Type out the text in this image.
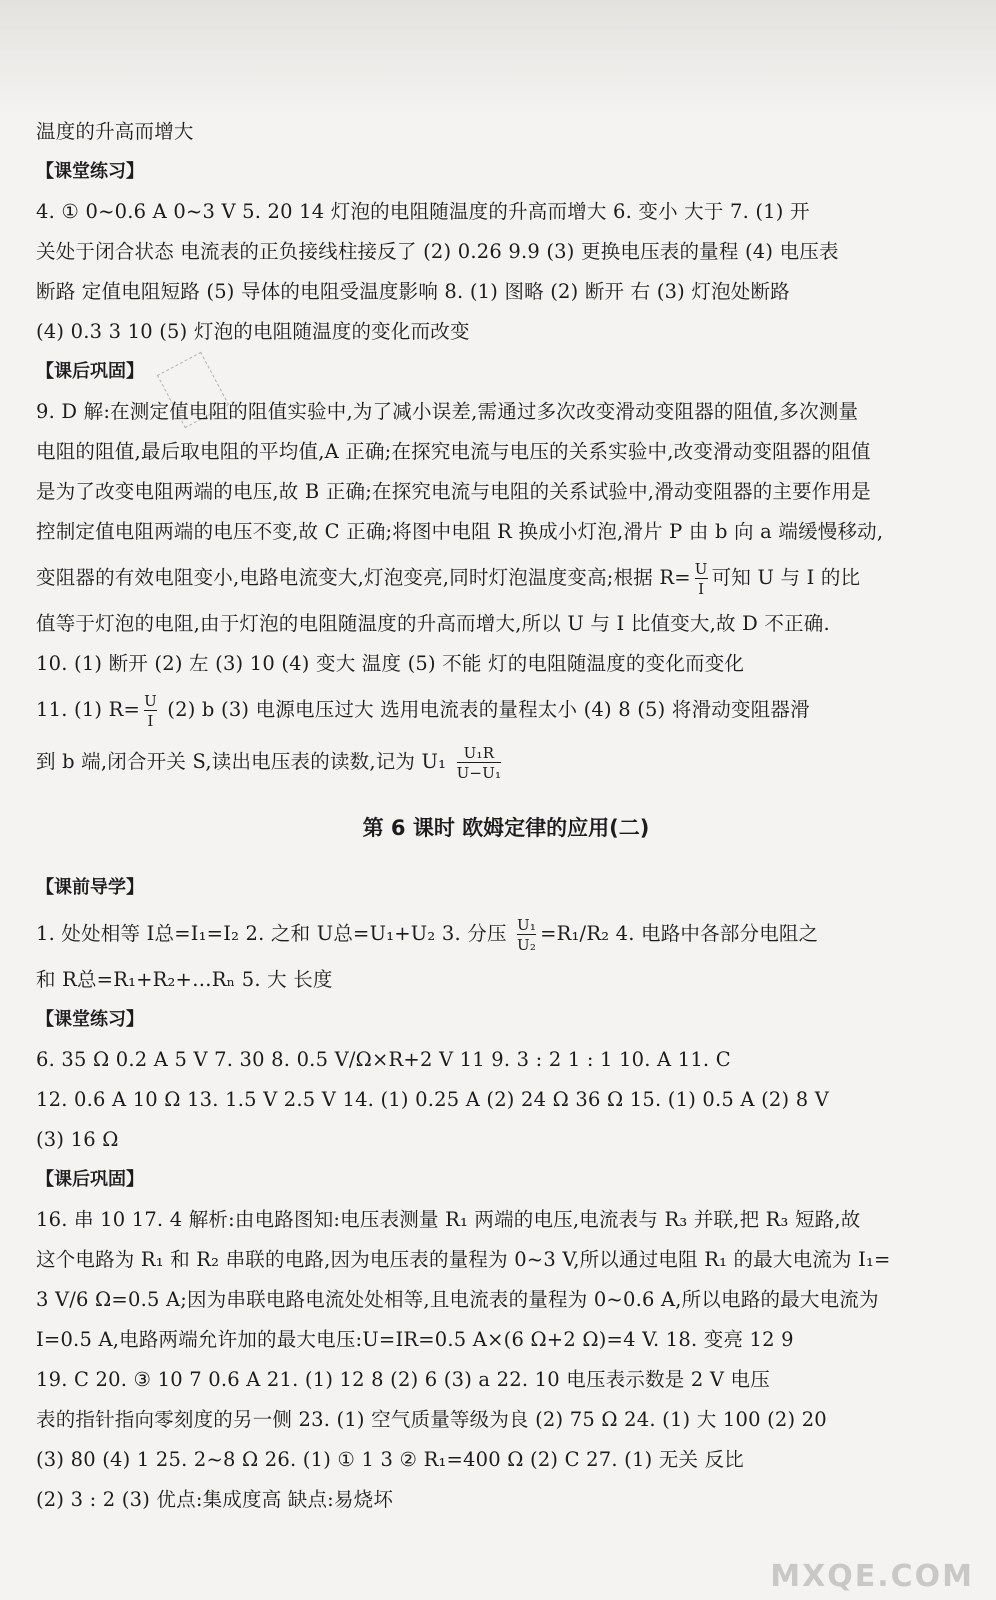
温度的升高而增大
【课堂练习】
4. ① 0~0.6 A 0~3 V 5. 20 14 灯泡的电阻随温度的升高而增大 6. 变小 大于 7. (1) 开
关处于闭合状态 电流表的正负接线柱接反了 (2) 0.26 9.9 (3) 更换电压表的量程 (4) 电压表
断路 定值电阻短路 (5) 导体的电阻受温度影响 8. (1) 图略 (2) 断开 右 (3) 灯泡处断路
(4) 0.3 3 10 (5) 灯泡的电阻随温度的变化而改变
【课后巩固】
9. D 解:在测定值电阻的阻值实验中,为了减小误差,需通过多次改变滑动变阻器的阻值,多次测量
电阻的阻值,最后取电阻的平均值,A 正确;在探究电流与电压的关系实验中,改变滑动变阻器的阻值
是为了改变电阻两端的电压,故 B 正确;在探究电流与电阻的关系试验中,滑动变阻器的主要作用是
控制定值电阻两端的电压不变,故 C 正确;将图中电阻 R 换成小灯泡,滑片 P 由 b 向 a 端缓慢移动,
变阻器的有效电阻变小,电路电流变大,灯泡变亮,同时灯泡温度变高;根据 $R= \frac{U}{I}$ 可知 U 与 I 的比
值等于灯泡的电阻,由于灯泡的电阻随温度的升高而增大,所以 U 与 I 比值变大,故 D 不正确.
10. (1) 断开 (2) 左 (3) 10 (4) 变大 温度 (5) 不能 灯的电阻随温度的变化而变化
11. (1) $R= \frac{U}{I} (2)$ b (3) 电源电压过大 选用电流表的量程太小 (4) 8 (5) 将滑动变阻器滑
到 b 端,闭合开关 S,读出电压表的读数,记为 $U_1 \frac{\text{U₁R}}{\text{U−U₁}}$
第 6 课时 欧姆定律的应用(二)
【课前导学】
1. 处处相等 I总=I₁=I₂ 2. 之和 U总=U₁+U₂ 3. 分压 $\frac{\text{U₁}}{\text{U₂}} =R_1/R_2$ 4. 电路中各部分电阻之
和 R总=R₁+R₂+…Rₙ 5. 大 长度
【课堂练习】
6. 35 Ω 0.2 A 5 V 7. 30 8. 0.5 V/Ω×R+2 V 11 9. 3 : 2 1 : 1 10. A 11. C
12. 0.6 A 10 Ω 13. 1.5 V 2.5 V 14. (1) 0.25 A (2) 24 Ω 36 Ω 15. (1) 0.5 A (2) 8 V
(3) 16 Ω
【课后巩固】
16. 串 10 17. 4 解析:由电路图知:电压表测量 R₁ 两端的电压,电流表与 R₃ 并联,把 R₃ 短路,故
这个电路为 R₁ 和 R₂ 串联的电路,因为电压表的量程为 0~3 V,所以通过电阻 R₁ 的最大电流为 I₁=
3 V/6 Ω=0.5 A;因为串联电路电流处处相等,且电流表的量程为 0~0.6 A,所以电路的最大电流为
I=0.5 A,电路两端允许加的最大电压:U=IR=0.5 A×(6 Ω+2 Ω)=4 V. 18. 变亮 12 9
19. C 20. ③ 10 7 0.6 A 21. (1) 12 8 (2) 6 (3) a 22. 10 电压表示数是 2 V 电压
表的指针指向零刻度的另一侧 23. (1) 空气质量等级为良 (2) 75 Ω 24. (1) 大 100 (2) 20
(3) 80 (4) 1 25. 2~8 Ω 26. (1) ① 1 3 ② R₁=400 Ω (2) C 27. (1) 无关 反比
(2) 3 : 2 (3) 优点:集成度高 缺点:易烧坏
MXQE.COM
